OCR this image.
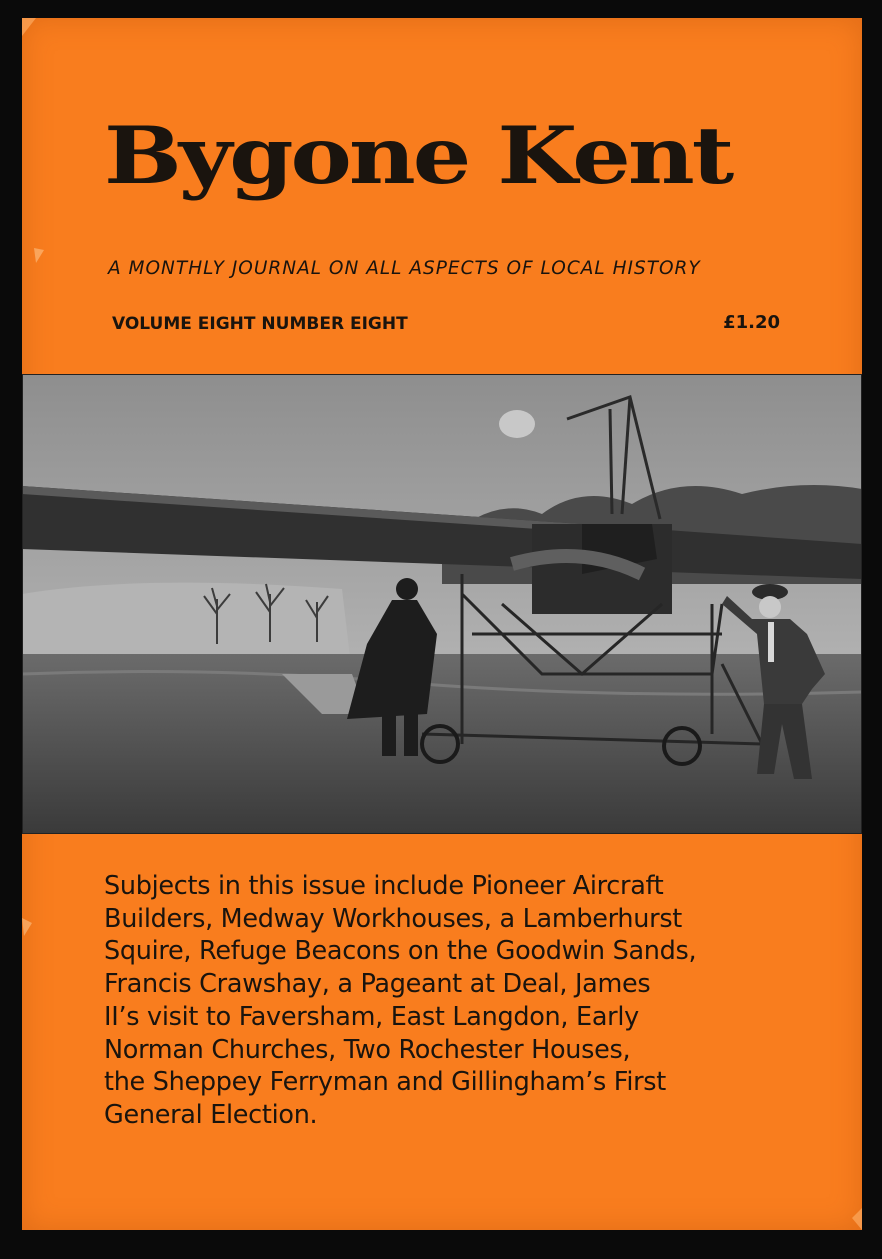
Bygone Kent
A MONTHLY JOURNAL ON ALL ASPECTS OF LOCAL HISTORY
VOLUME EIGHT NUMBER EIGHT	£1.20

Subjects in this issue include Pioneer Aircraft
Builders, Medway Workhouses, a Lamberhurst
Squire, Refuge Beacons on the Goodwin Sands,
Francis Crawshay, a Pageant at Deal, James
II’s visit to Faversham, East Langdon, Early
Norman Churches, Two Rochester Houses,
the Sheppey Ferryman and Gillingham’s First
General Election.
